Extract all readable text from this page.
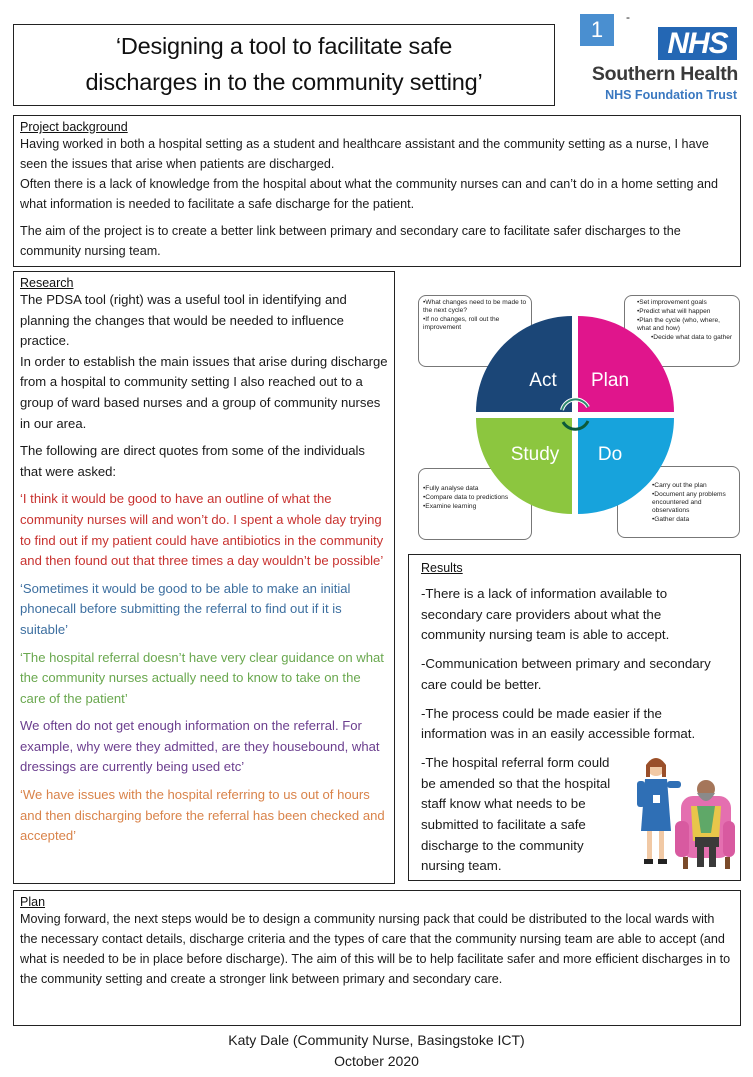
‘Designing a tool to facilitate safe
discharges in to the community setting’
1	-
NHS
Southern Health
NHS Foundation Trust
Project background
Having worked in both a hospital setting as a student and healthcare assistant and the community setting as a nurse, I have seen the issues that arise when patients are discharged.
Often there is a lack of knowledge from the hospital about what the community nurses can and can’t do in a home setting and what information is needed to facilitate a safe discharge for the patient.
The aim of the project is to create a better link between primary and secondary care to facilitate safer discharges to the community nursing team.
Research
The PDSA tool (right) was a useful tool in identifying and planning the changes that would be needed to influence practice.
In order to establish the main issues that arise during discharge from a hospital to community setting I also reached out to a group of ward based nurses and a group of community nurses in our area.
The following are direct quotes from some of the individuals that were asked:
‘I think it would be good to have an outline of what the community nurses will and won’t do. I spent a whole day trying to find out if my patient could have antibiotics in the community and then found out that three times a day wouldn’t be possible’
‘Sometimes it would be good to be able to make an initial phonecall before submitting the referral to find out if it is suitable’
‘The hospital referral doesn’t have very clear guidance on what the community nurses actually need to know to take on the care of the patient’
We often do not get enough information on the referral. For example, why were they admitted, are they housebound, what dressings are currently being used etc’
‘We have issues with the hospital referring to us out of hours and then discharging before the referral has been checked and accepted’
•What changes need to be made to the next cycle?
•If no changes, roll out the improvement
•Set improvement goals
•Predict what will happen
•Plan the cycle (who, where, what and how)
•Decide what data to gather
•Fully analyse data
•Compare data to predictions
•Examine learning
•Carry out the plan
•Document any problems encountered and observations
•Gather data
Act Plan
Study Do
Results
-There is a lack of information available to secondary care providers about what the community nursing team is able to accept.
-Communication between primary and secondary care could be better.
-The process could be made easier if the information was in an easily accessible format.
-The hospital referral form could be amended so that the hospital staff know what needs to be submitted to facilitate a safe discharge to the community nursing team.
Plan
Moving forward, the next steps would be to design a community nursing pack that could be distributed to the local wards with the necessary contact details, discharge criteria and the types of care that the community nursing team are able to accept (and what is needed to be in place before discharge). The aim of this will be to help facilitate safer and more efficient discharges in to the community setting and create a stronger link between primary and secondary care.
Katy Dale (Community Nurse, Basingstoke ICT)
October 2020
